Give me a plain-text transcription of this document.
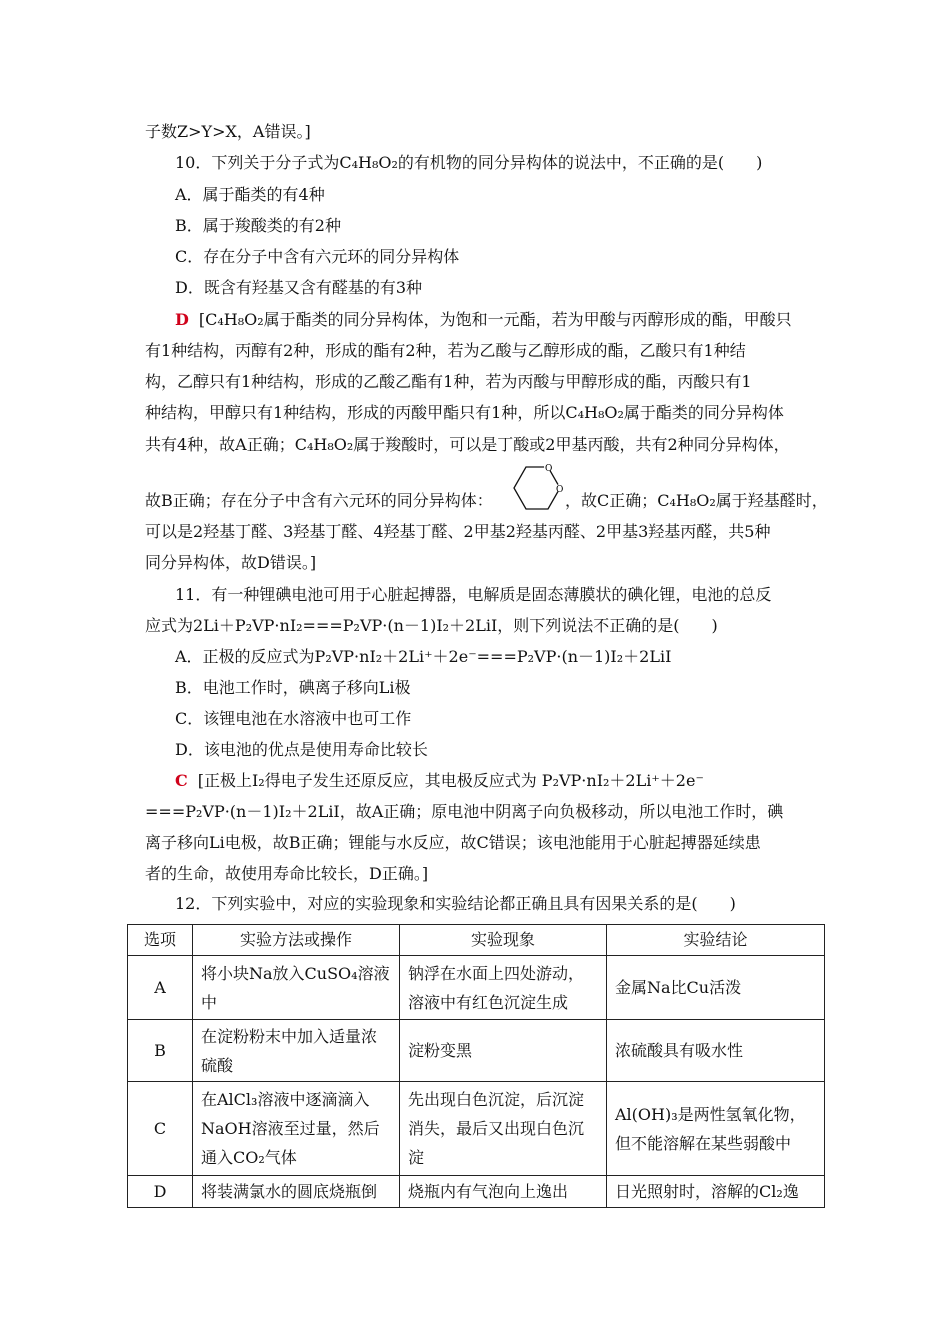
子数Z>Y>X，A错误。]
10．下列关于分子式为C₄H₈O₂的有机物的同分异构体的说法中，不正确的是(　　)
A．属于酯类的有4种
B．属于羧酸类的有2种
C．存在分子中含有六元环的同分异构体
D．既含有羟基又含有醛基的有3种
D [C₄H₈O₂属于酯类的同分异构体，为饱和一元酯，若为甲酸与丙醇形成的酯，甲酸只
有1种结构，丙醇有2种，形成的酯有2种，若为乙酸与乙醇形成的酯，乙酸只有1种结
构，乙醇只有1种结构，形成的乙酸乙酯有1种，若为丙酸与甲醇形成的酯，丙酸只有1
种结构，甲醇只有1种结构，形成的丙酸甲酯只有1种，所以C₄H₈O₂属于酯类的同分异构体
共有4种，故A正确；C₄H₈O₂属于羧酸时，可以是丁酸或2甲基丙酸，共有2种同分异构体，
故B正确；存在分子中含有六元环的同分异构体：
O
O
，故C正确；C₄H₈O₂属于羟基醛时，
可以是2羟基丁醛、3羟基丁醛、4羟基丁醛、2甲基2羟基丙醛、2甲基3羟基丙醛，共5种
同分异构体，故D错误。]
11．有一种锂碘电池可用于心脏起搏器，电解质是固态薄膜状的碘化锂，电池的总反
应式为2Li＋P₂VP·nI₂===P₂VP·(n－1)I₂＋2LiI，则下列说法不正确的是(　　)
A．正极的反应式为P₂VP·nI₂＋2Li⁺＋2e⁻===P₂VP·(n－1)I₂＋2LiI
B．电池工作时，碘离子移向Li极
C．该锂电池在水溶液中也可工作
D．该电池的优点是使用寿命比较长
C [正极上I₂得电子发生还原反应，其电极反应式为 P₂VP·nI₂＋2Li⁺＋2e⁻
===P₂VP·(n－1)I₂＋2LiI，故A正确；原电池中阴离子向负极移动，所以电池工作时，碘
离子移向Li电极，故B正确；锂能与水反应，故C错误；该电池能用于心脏起搏器延续患
者的生命，故使用寿命比较长，D正确。]
12．下列实验中，对应的实验现象和实验结论都正确且具有因果关系的是(　　)
选项	实验方法或操作	实验现象	实验结论
A	将小块Na放入CuSO₄溶液中	钠浮在水面上四处游动，溶液中有红色沉淀生成	金属Na比Cu活泼
B	在淀粉粉末中加入适量浓硫酸	淀粉变黑	浓硫酸具有吸水性
C	在AlCl₃溶液中逐滴滴入NaOH溶液至过量，然后通入CO₂气体	先出现白色沉淀，后沉淀消失，最后又出现白色沉淀	Al(OH)₃是两性氢氧化物，但不能溶解在某些弱酸中
D	将装满氯水的圆底烧瓶倒	烧瓶内有气泡向上逸出	日光照射时，溶解的Cl₂逸
